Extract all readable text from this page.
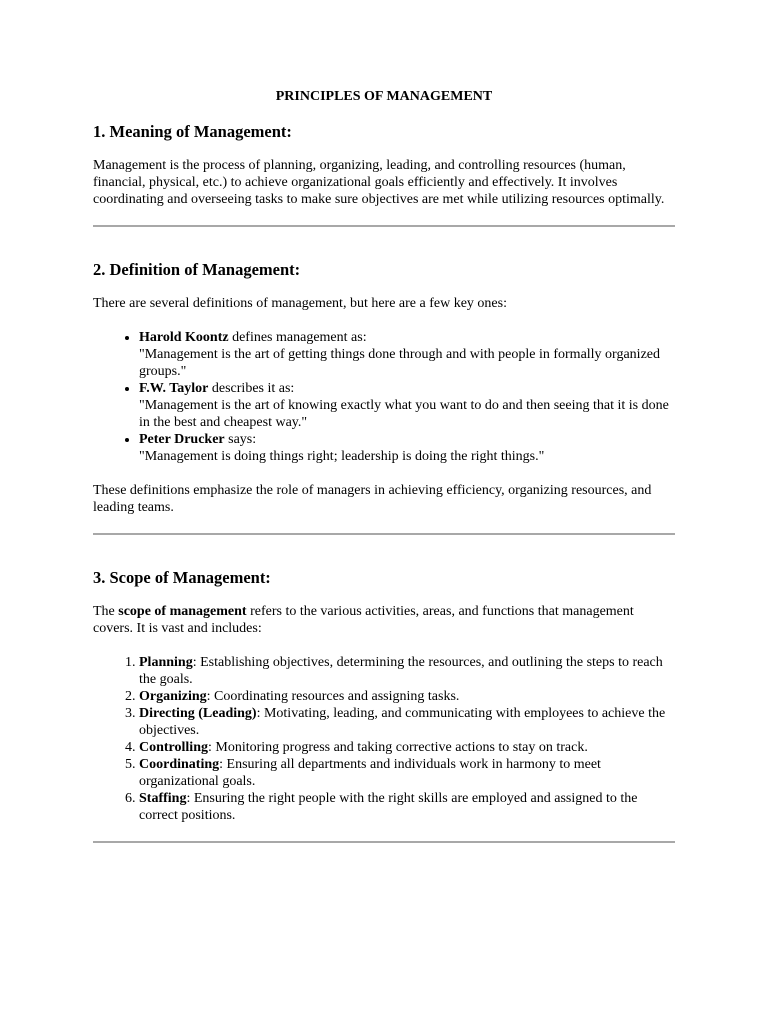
PRINCIPLES OF MANAGEMENT
1. Meaning of Management:

Management is the process of planning, organizing, leading, and controlling resources (human, financial, physical, etc.) to achieve organizational goals efficiently and effectively. It involves coordinating and overseeing tasks to make sure objectives are met while utilizing resources optimally.

2. Definition of Management:

There are several definitions of management, but here are a few key ones:

• Harold Koontz defines management as:
"Management is the art of getting things done through and with people in formally organized groups."
• F.W. Taylor describes it as:
"Management is the art of knowing exactly what you want to do and then seeing that it is done in the best and cheapest way."
• Peter Drucker says:
"Management is doing things right; leadership is doing the right things."

These definitions emphasize the role of managers in achieving efficiency, organizing resources, and leading teams.

3. Scope of Management:

The scope of management refers to the various activities, areas, and functions that management covers. It is vast and includes:

1. Planning: Establishing objectives, determining the resources, and outlining the steps to reach the goals.
2. Organizing: Coordinating resources and assigning tasks.
3. Directing (Leading): Motivating, leading, and communicating with employees to achieve the objectives.
4. Controlling: Monitoring progress and taking corrective actions to stay on track.
5. Coordinating: Ensuring all departments and individuals work in harmony to meet organizational goals.
6. Staffing: Ensuring the right people with the right skills are employed and assigned to the correct positions.
